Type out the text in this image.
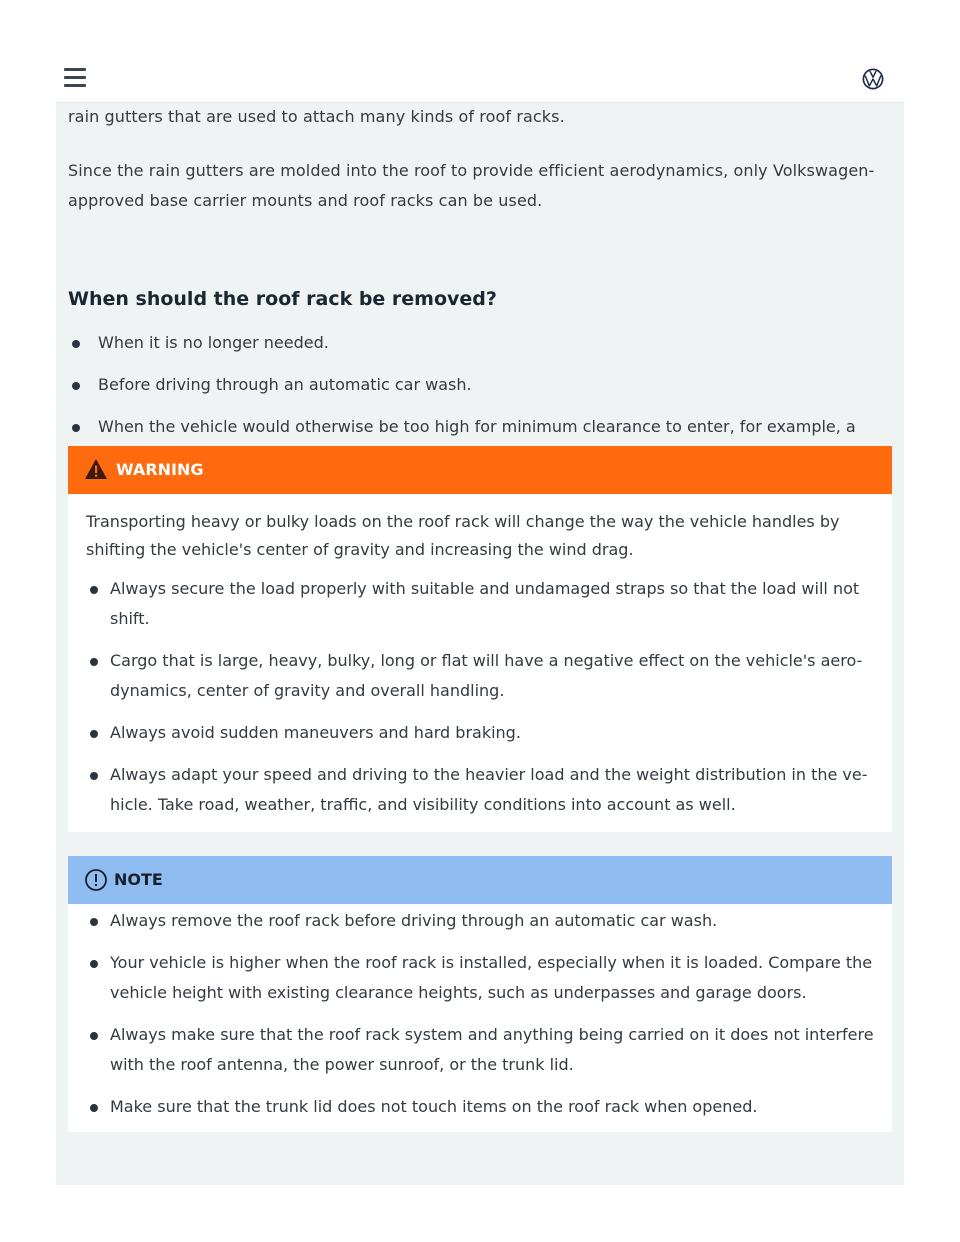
rain gutters that are used to attach many kinds of roof racks.

Since the rain gutters are molded into the roof to provide efficient aerodynamics, only Volkswagen-approved base carrier mounts and roof racks can be used.

When should the roof rack be removed?
When it is no longer needed.
Before driving through an automatic car wash.
When the vehicle would otherwise be too high for minimum clearance to enter, for example, a
WARNING

Transporting heavy or bulky loads on the roof rack will change the way the vehicle handles by shifting the vehicle's center of gravity and increasing the wind drag.

Always secure the load properly with suitable and undamaged straps so that the load will not shift.
Cargo that is large, heavy, bulky, long or flat will have a negative effect on the vehicle's aero-dynamics, center of gravity and overall handling.
Always avoid sudden maneuvers and hard braking.
Always adapt your speed and driving to the heavier load and the weight distribution in the ve-hicle. Take road, weather, traffic, and visibility conditions into account as well.
NOTE
Always remove the roof rack before driving through an automatic car wash.
Your vehicle is higher when the roof rack is installed, especially when it is loaded. Compare the vehicle height with existing clearance heights, such as underpasses and garage doors.
Always make sure that the roof rack system and anything being carried on it does not interfere with the roof antenna, the power sunroof, or the trunk lid.
Make sure that the trunk lid does not touch items on the roof rack when opened.
